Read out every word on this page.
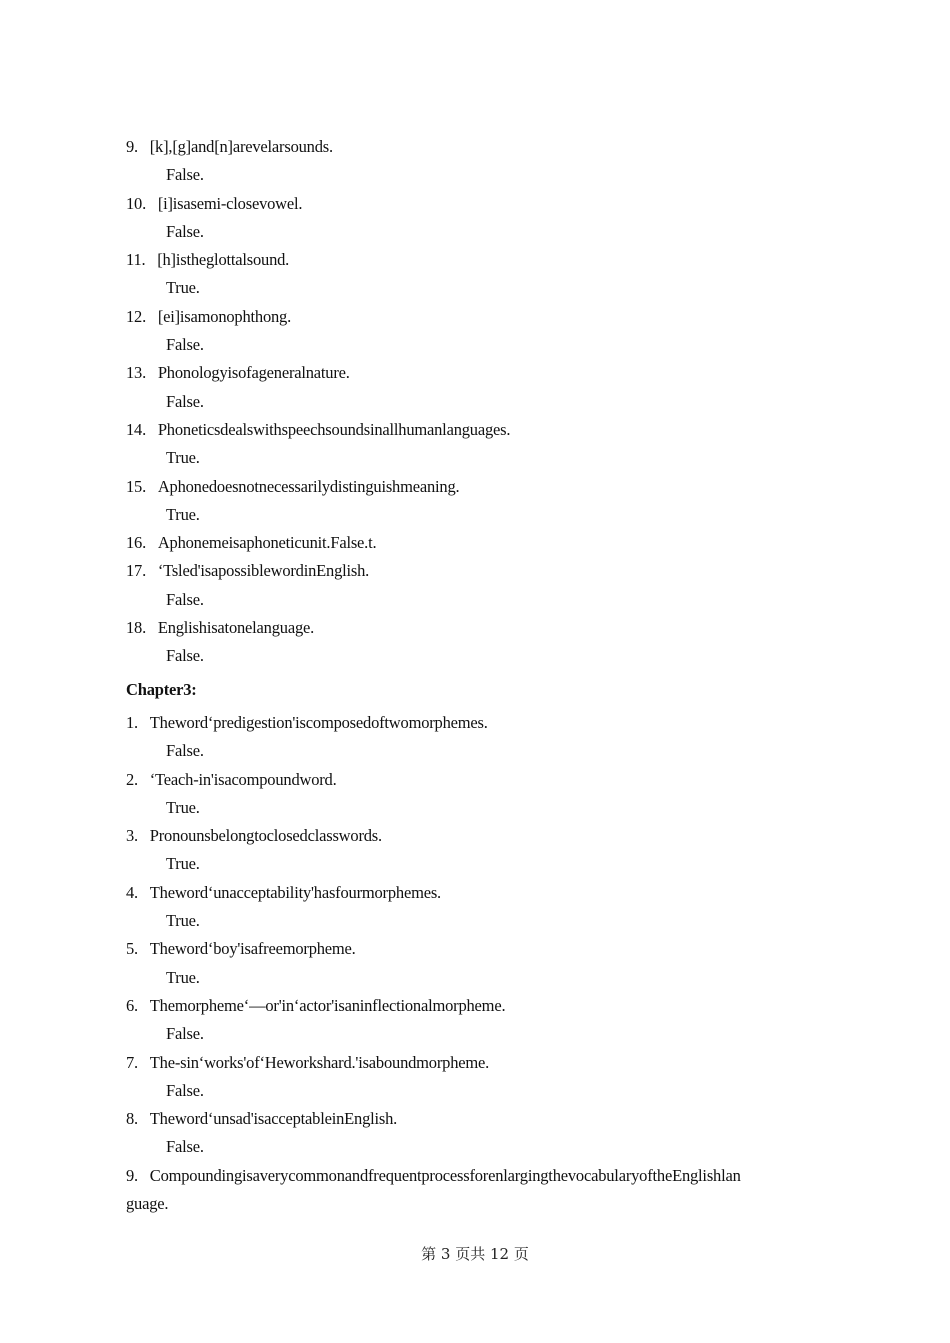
9. [k],[g]and[n]arevelarsounds.
False.
10. [i]isasemi-closevowel.
False.
11. [h]istheglottalsound.
True.
12. [ei]isamonophthong.
False.
13. Phonologyisofageneralnature.
False.
14. Phoneticsdealswithspeechsoundsinallhumanlanguages.
True.
15. Aphonedoesnotnecessarilydistinguishmeaning.
True.
16. Aphonemeisaphoneticunit.False.t.
17. ‘Tsled'isapossiblewordinEnglish.
False.
18. Englishisatonelanguage.
False.
Chapter3:
1. Theword‘predigestion'iscomposedoftwomorphemes.
False.
2. ‘Teach-in'isacompoundword.
True.
3. Pronounsbelongtoclosedclasswords.
True.
4. Theword‘unacceptability'hasfourmorphemes.
True.
5. Theword‘boy'isafreemorpheme.
True.
6. Themorpheme‘—or'in‘actor'isaninflectionalmorpheme.
False.
7. The-sin‘works'of‘Heworkshard.'isaboundmorpheme.
False.
8. Theword‘unsad'isacceptableinEnglish.
False.
9. CompoundingisaverycommonandfrequentprocessforenlargingthevocabularyoftheEnglishlan
guage.
第 3 页共 12 页
